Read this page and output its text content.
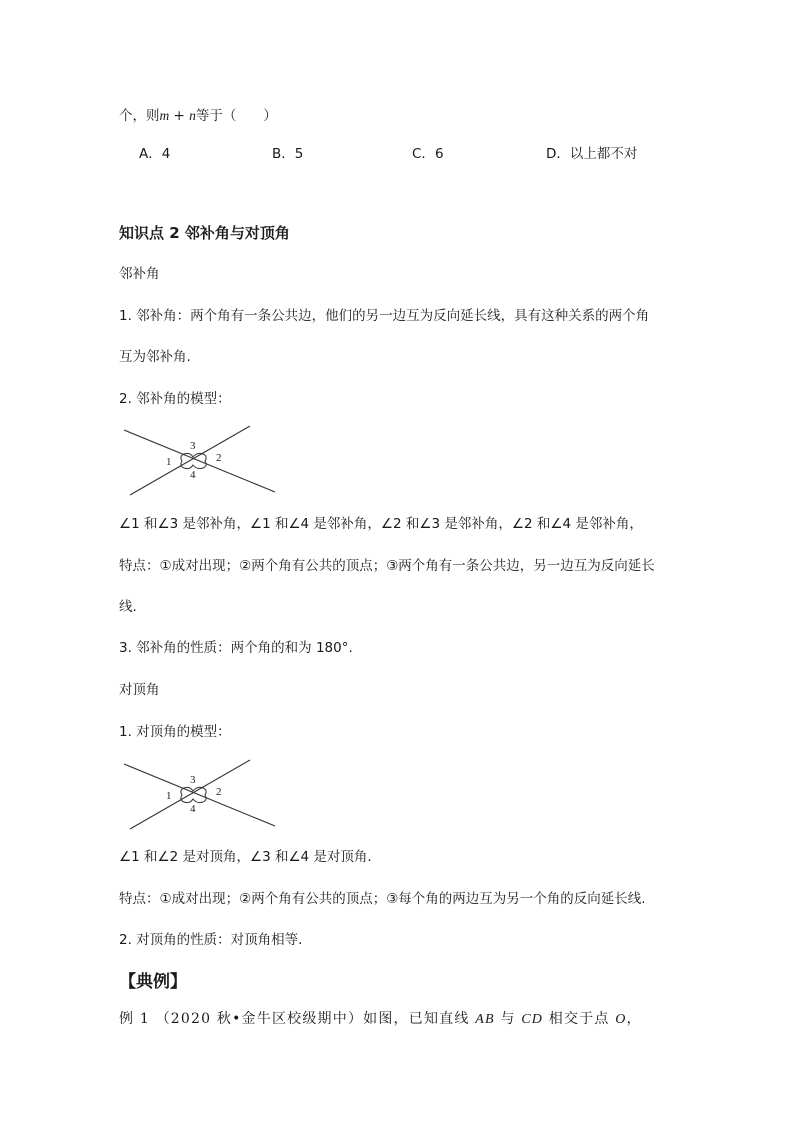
个，则m + n等于（　　）
A．4	B．5	C．6	D．以上都不对
知识点 2 邻补角与对顶角
邻补角
1. 邻补角：两个角有一条公共边，他们的另一边互为反向延长线，具有这种关系的两个角
互为邻补角.
2. 邻补角的模型：
3
1	2
4
∠1 和∠3 是邻补角，∠1 和∠4 是邻补角，∠2 和∠3 是邻补角，∠2 和∠4 是邻补角，
特点：①成对出现；②两个角有公共的顶点；③两个角有一条公共边，另一边互为反向延长
线.
3. 邻补角的性质：两个角的和为 180°.
对顶角
1. 对顶角的模型：
3
1	2
4
∠1 和∠2 是对顶角，∠3 和∠4 是对顶角.
特点：①成对出现；②两个角有公共的顶点；③每个角的两边互为另一个角的反向延长线.
2. 对顶角的性质：对顶角相等.
【典例】
例 1 （2020 秋•金牛区校级期中）如图，已知直线 AB 与 CD 相交于点 O，
